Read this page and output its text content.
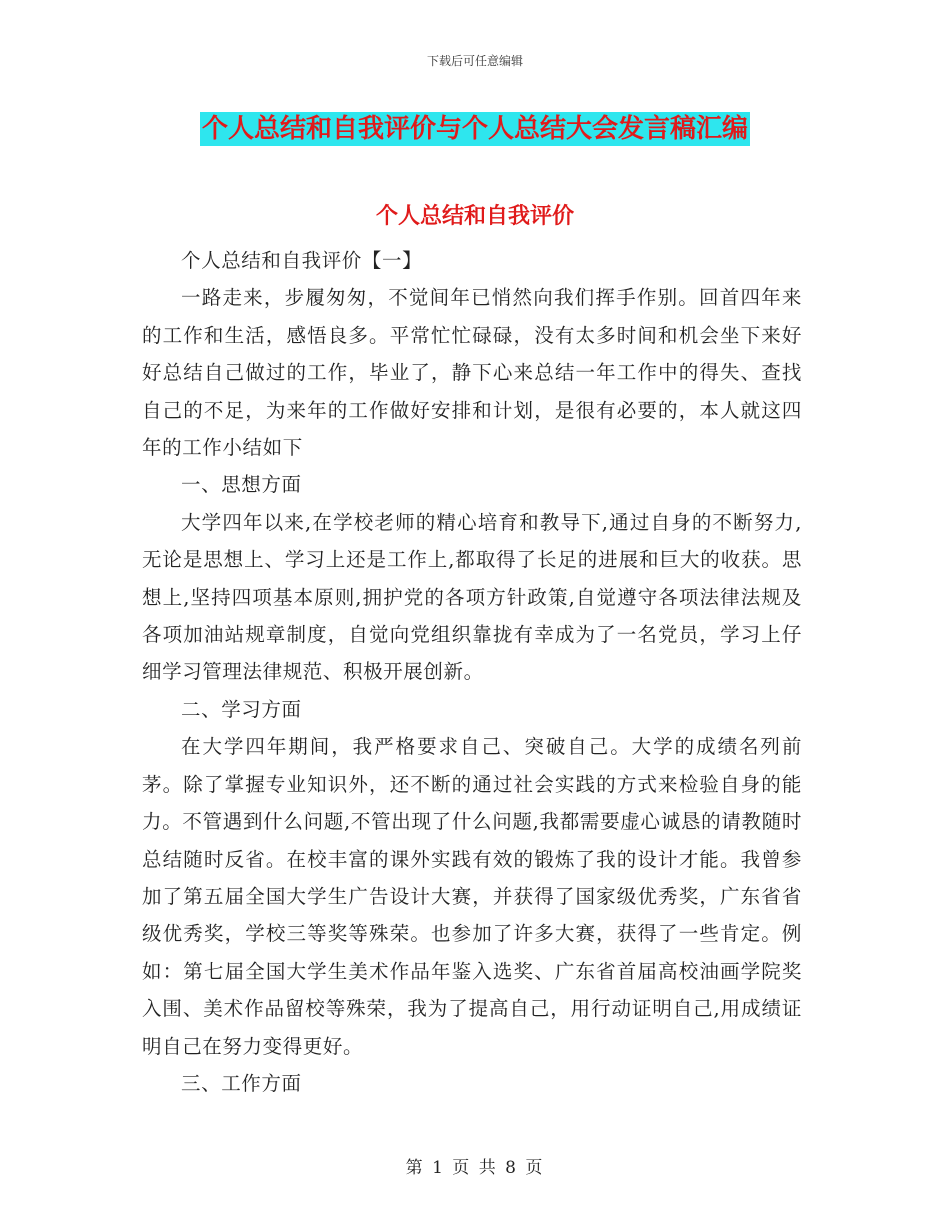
下载后可任意编辑
个人总结和自我评价与个人总结大会发言稿汇编
个人总结和自我评价

个人总结和自我评价【一】

一路走来，步履匆匆，不觉间年已悄然向我们挥手作别。回首四年来的工作和生活，感悟良多。平常忙忙碌碌，没有太多时间和机会坐下来好好总结自己做过的工作，毕业了，静下心来总结一年工作中的得失、查找自己的不足，为来年的工作做好安排和计划，是很有必要的，本人就这四年的工作小结如下

一、思想方面

大学四年以来,在学校老师的精心培育和教导下,通过自身的不断努力,无论是思想上、学习上还是工作上,都取得了长足的进展和巨大的收获。思想上,坚持四项基本原则,拥护党的各项方针政策,自觉遵守各项法律法规及各项加油站规章制度，自觉向党组织靠拢有幸成为了一名党员，学习上仔细学习管理法律规范、积极开展创新。

二、学习方面

在大学四年期间，我严格要求自己、突破自己。大学的成绩名列前茅。除了掌握专业知识外，还不断的通过社会实践的方式来检验自身的能力。不管遇到什么问题,不管出现了什么问题,我都需要虚心诚恳的请教随时总结随时反省。在校丰富的课外实践有效的锻炼了我的设计才能。我曾参加了第五届全国大学生广告设计大赛，并获得了国家级优秀奖，广东省省级优秀奖，学校三等奖等殊荣。也参加了许多大赛，获得了一些肯定。例如：第七届全国大学生美术作品年鉴入选奖、广东省首届高校油画学院奖入围、美术作品留校等殊荣，我为了提高自己，用行动证明自己,用成绩证明自己在努力变得更好。

三、工作方面

第 1 页 共 8 页
